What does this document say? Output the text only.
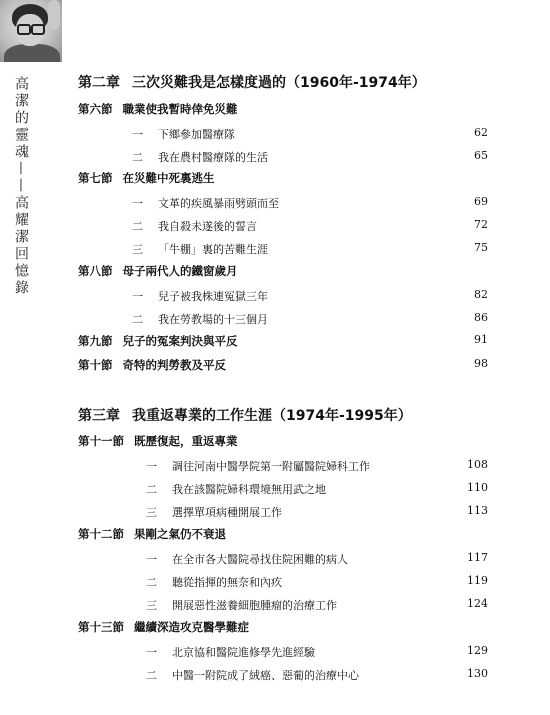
高潔的靈魂——高耀潔回憶錄	第二章 三次災難我是怎樣度過的（1960年-1974年）
第六節 職業使我暫時倖免災難
一 下鄉參加醫療隊	62
二 我在農村醫療隊的生活	65
第七節 在災難中死裏逃生
一 文革的疾風暴雨劈頭而至	69
二 我自殺未遂後的誓言	72
三 「牛棚」裏的苦難生涯	75
第八節 母子兩代人的鐵窗歲月
一 兒子被我株連冤獄三年	82
二 我在勞教場的十三個月	86
第九節 兒子的冤案判決與平反	91
第十節 奇特的判勞教及平反	98
第三章 我重返專業的工作生涯（1974年-1995年）
第十一節 既歷復起，重返專業
一 調往河南中醫學院第一附屬醫院婦科工作	108
二 我在該醫院婦科環境無用武之地	110
三 選擇單項病種開展工作	113
第十二節 果剛之氣仍不衰退
一 在全市各大醫院尋找住院困難的病人	117
二 聽從指揮的無奈和內疚	119
三 開展惡性滋養細胞腫瘤的治療工作	124
第十三節 繼續深造攻克醫學難症
一 北京協和醫院進修學先進經驗	129
二 中醫一附院成了絨癌、惡葡的治療中心	130
